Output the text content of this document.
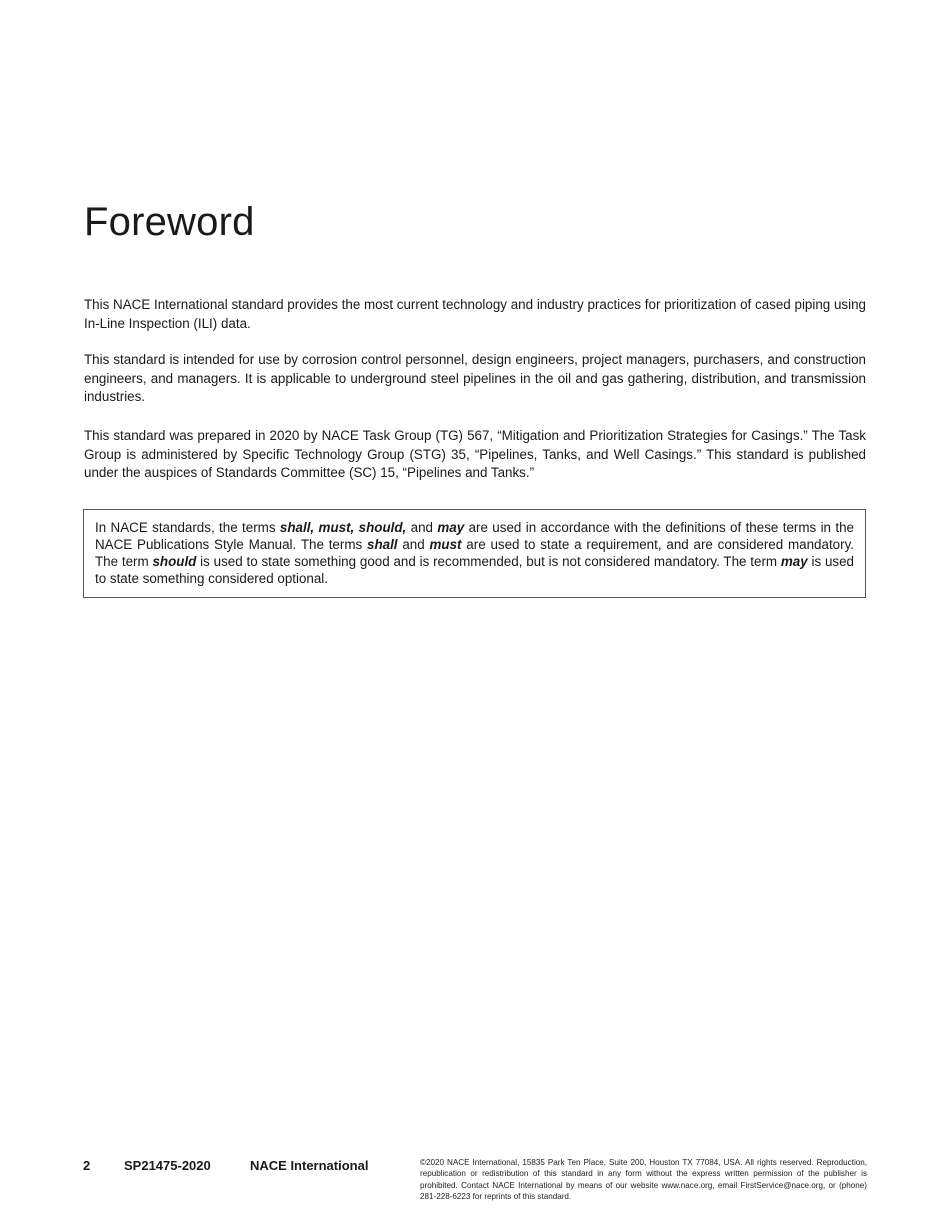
Foreword

This NACE International standard provides the most current technology and industry practices for prioritization of cased piping using In-Line Inspection (ILI) data.

This standard is intended for use by corrosion control personnel, design engineers, project managers, purchasers, and construction engineers, and managers. It is applicable to underground steel pipelines in the oil and gas gathering, distribution, and transmission industries.

This standard was prepared in 2020 by NACE Task Group (TG) 567, “Mitigation and Prioritization Strategies for Casings.” The Task Group is administered by Specific Technology Group (STG) 35, “Pipelines, Tanks, and Well Casings.” This standard is published under the auspices of Standards Committee (SC) 15, “Pipelines and Tanks.”

In NACE standards, the terms shall, must, should, and may are used in accordance with the definitions of these terms in the NACE Publications Style Manual. The terms shall and must are used to state a requirement, and are considered mandatory. The term should is used to state something good and is recommended, but is not considered mandatory. The term may is used to state something considered optional.
2	SP21475-2020	NACE International	©2020 NACE International, 15835 Park Ten Place, Suite 200, Houston TX 77084, USA. All rights reserved. Reproduction, republication or redistribution of this standard in any form without the express written permission of the publisher is prohibited. Contact NACE International by means of our website www.nace.org, email FirstService@nace.org, or (phone) 281-228-6223 for reprints of this standard.
